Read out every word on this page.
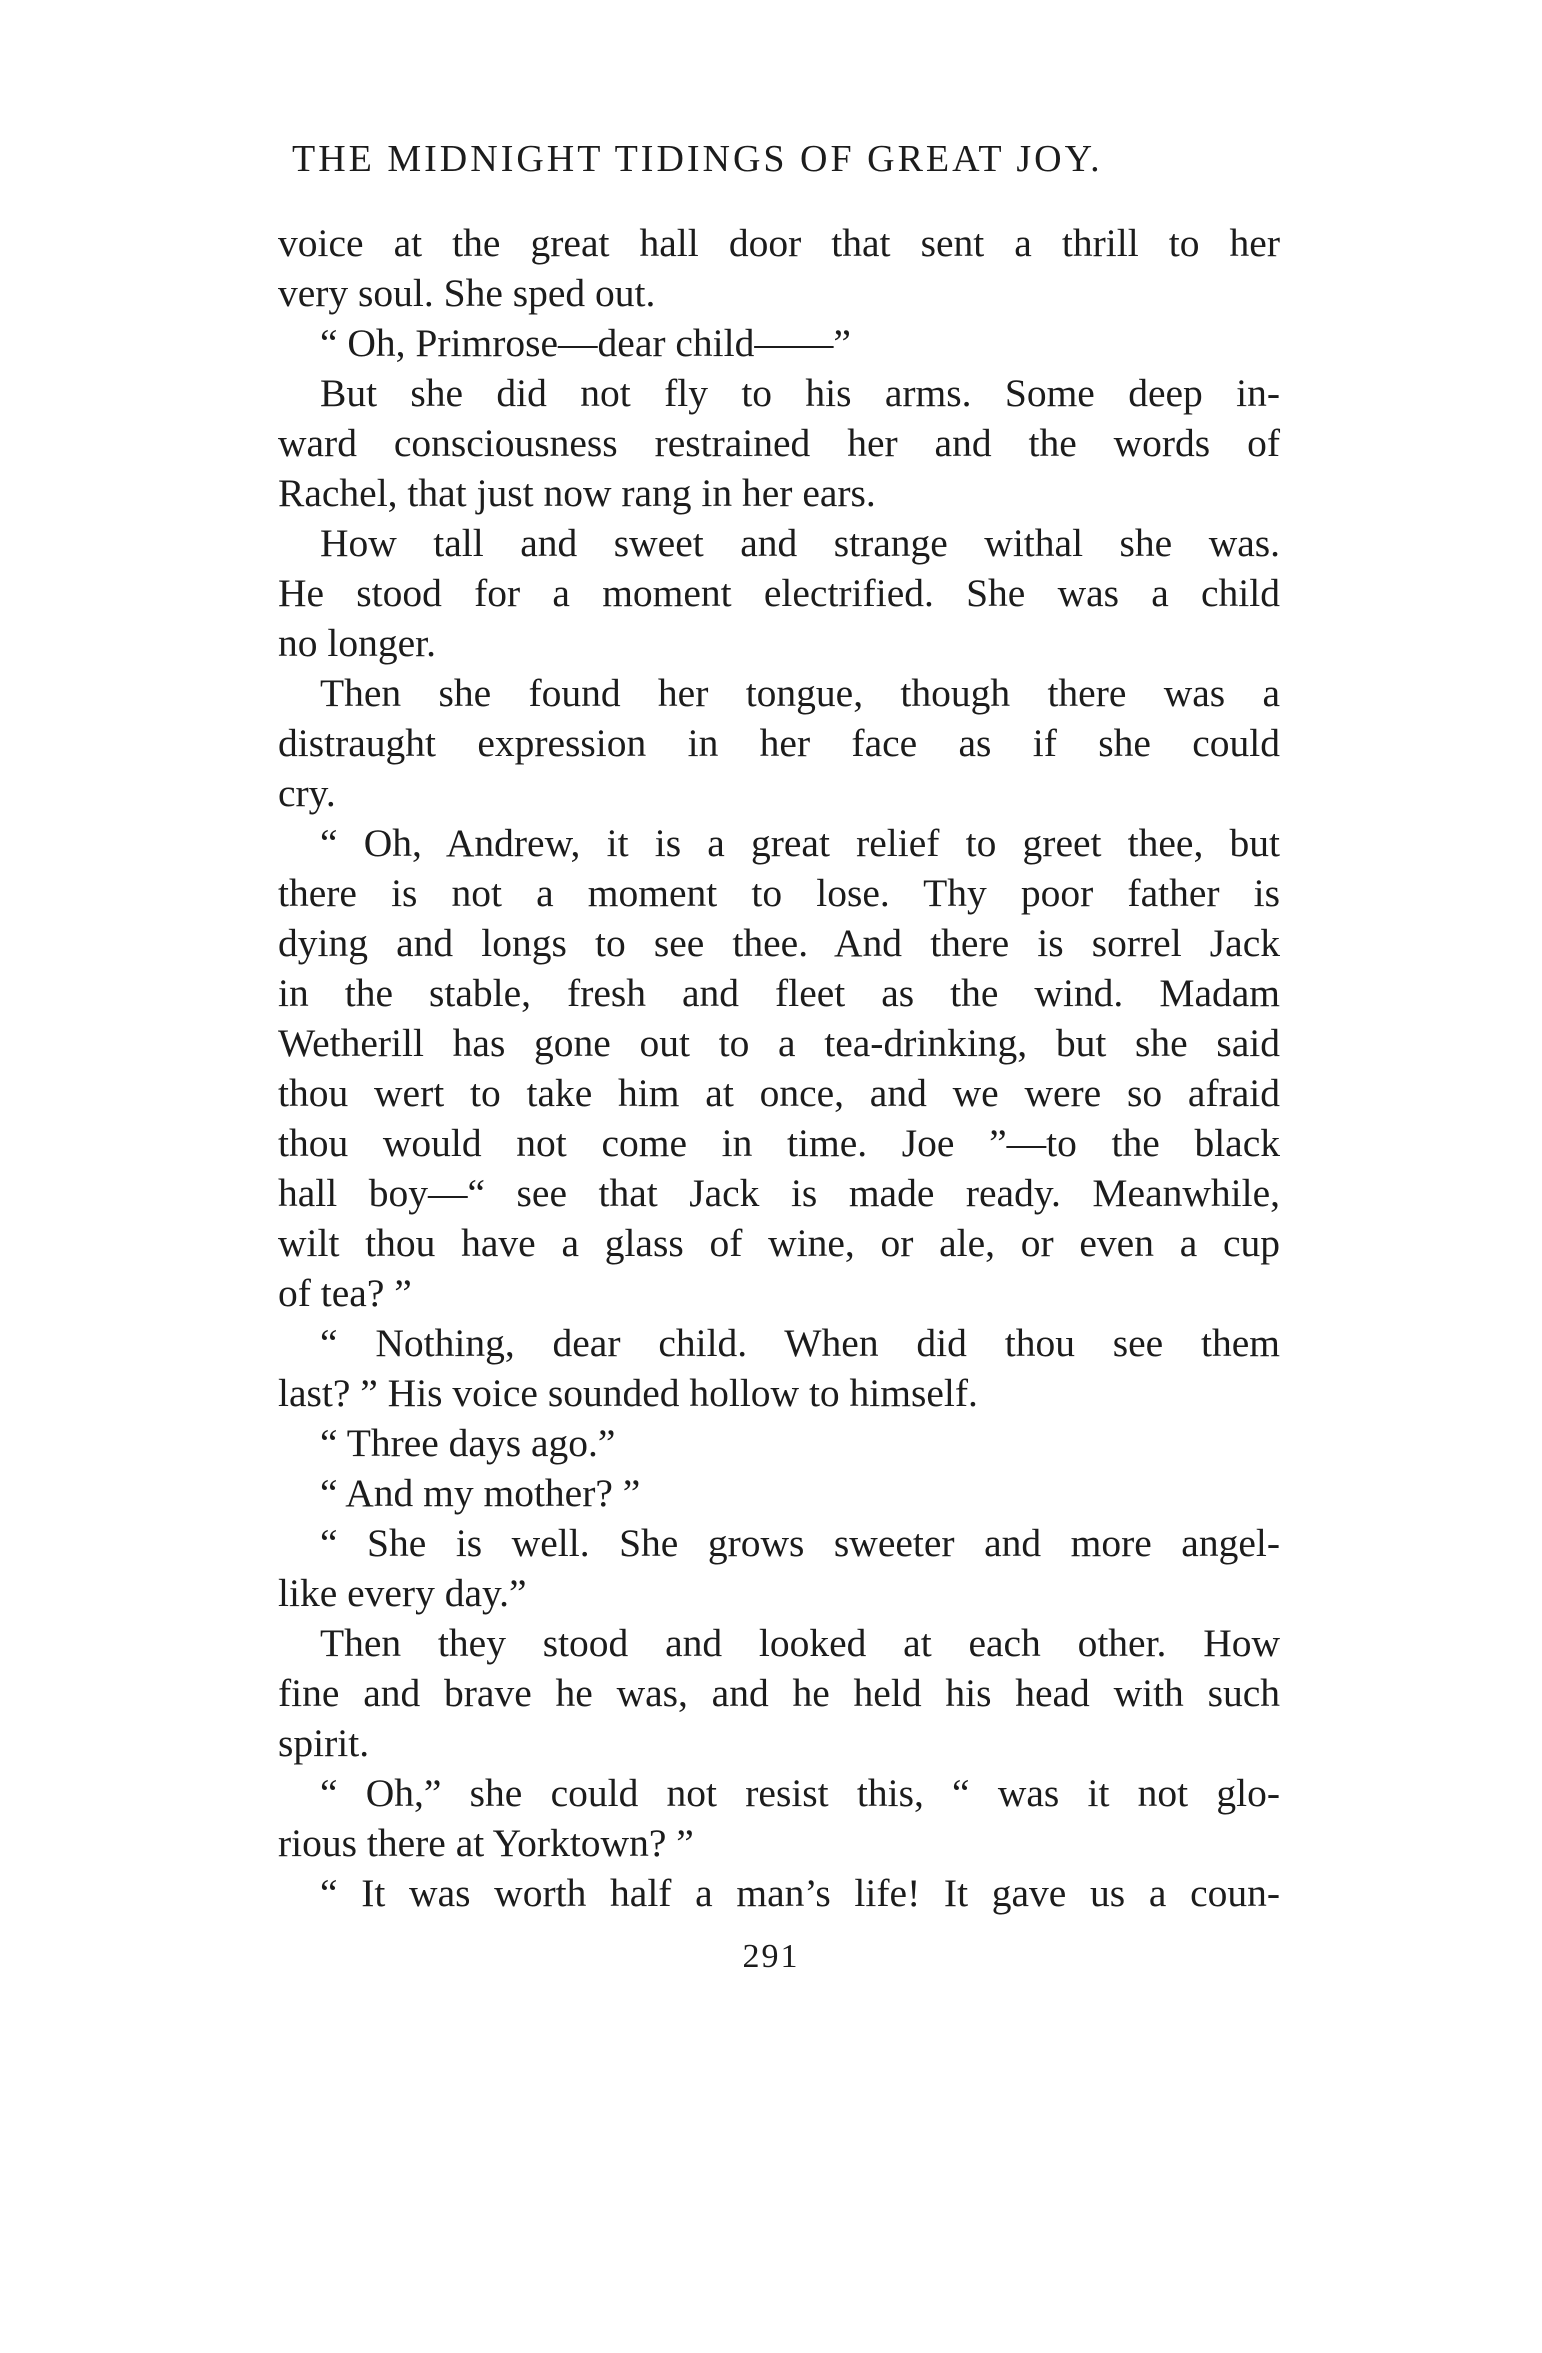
THE MIDNIGHT TIDINGS OF GREAT JOY.
voice at the great hall door that sent a thrill to her
very soul. She sped out.
“ Oh, Primrose—dear child——”
But she did not fly to his arms. Some deep in-
ward consciousness restrained her and the words of
Rachel, that just now rang in her ears.
How tall and sweet and strange withal she was.
He stood for a moment electrified. She was a child
no longer.
Then she found her tongue, though there was a
distraught expression in her face as if she could
cry.
“ Oh, Andrew, it is a great relief to greet thee, but
there is not a moment to lose. Thy poor father is
dying and longs to see thee. And there is sorrel Jack
in the stable, fresh and fleet as the wind. Madam
Wetherill has gone out to a tea-drinking, but she said
thou wert to take him at once, and we were so afraid
thou would not come in time. Joe ”—to the black
hall boy—“ see that Jack is made ready. Meanwhile,
wilt thou have a glass of wine, or ale, or even a cup
of tea? ”
“ Nothing, dear child. When did thou see them
last? ” His voice sounded hollow to himself.
“ Three days ago.”
“ And my mother? ”
“ She is well. She grows sweeter and more angel-
like every day.”
Then they stood and looked at each other. How
fine and brave he was, and he held his head with such
spirit.
“ Oh,” she could not resist this, “ was it not glo-
rious there at Yorktown? ”
“ It was worth half a man’s life! It gave us a coun-
291
